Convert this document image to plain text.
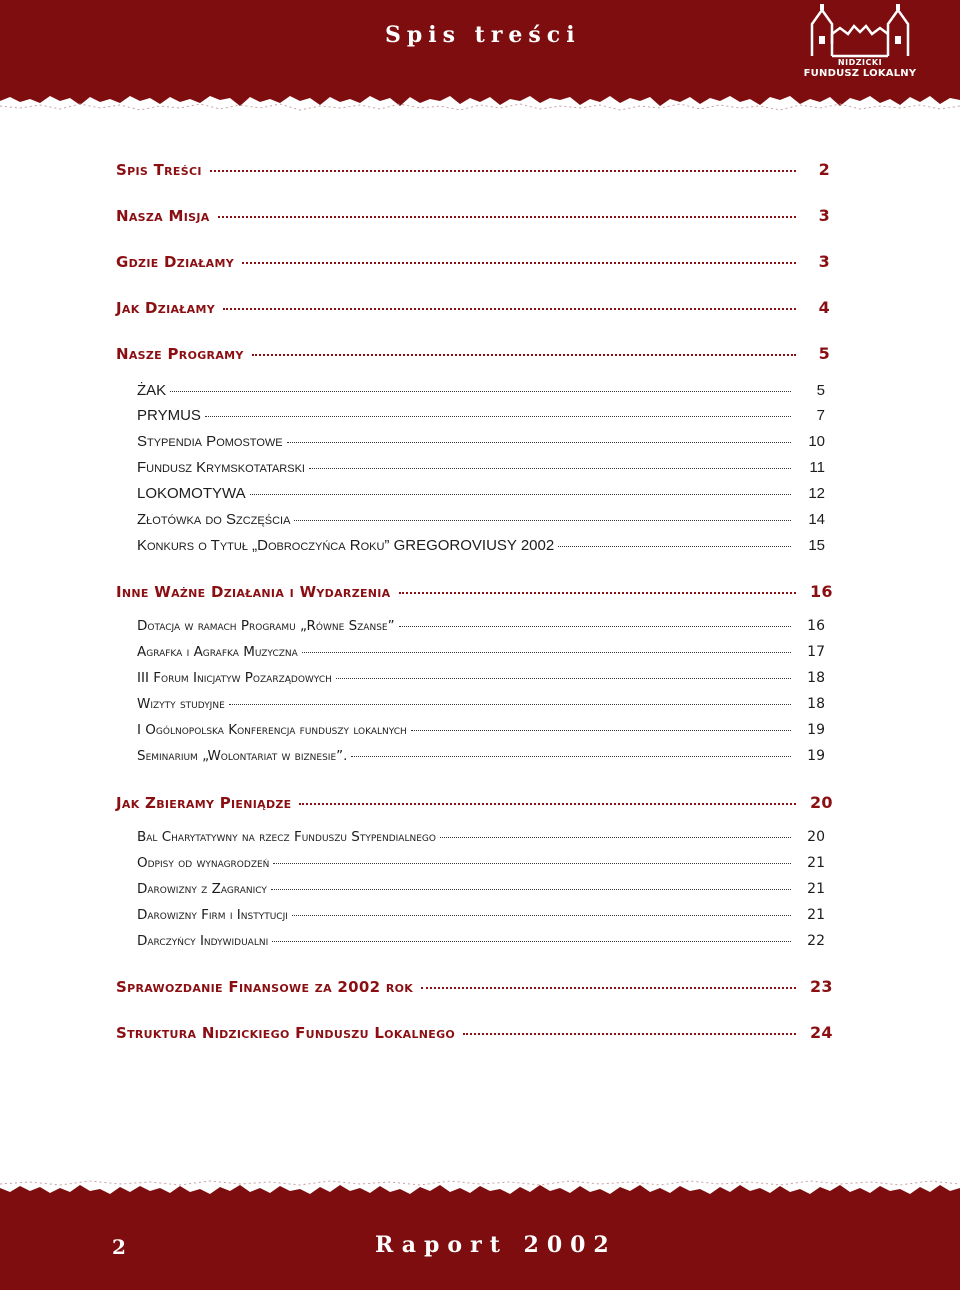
Spis treści
NIDZICKI
FUNDUSZ LOKALNY
Spis Treści	2
Nasza Misja	3
Gdzie Działamy	3
Jak Działamy	4
Nasze Programy	5
ŻAK	5
PRYMUS	7
Stypendia Pomostowe	10
Fundusz Krymskotatarski	11
LOKOMOTYWA	12
Złotówka do Szczęścia	14
Konkurs o Tytuł „Dobroczyńca Roku” GREGOROVIUSY 2002	15
Inne Ważne Działania i Wydarzenia	16
Dotacja w ramach Programu „Równe Szanse”	16
Agrafka i Agrafka Muzyczna	17
III Forum Inicjatyw Pozarządowych	18
Wizyty studyjne	18
I Ogólnopolska Konferencja funduszy lokalnych	19
Seminarium „Wolontariat w biznesie”.	19
Jak Zbieramy Pieniądze	20
Bal Charytatywny na rzecz Funduszu Stypendialnego	20
Odpisy od wynagrodzeń	21
Darowizny z Zagranicy	21
Darowizny Firm i Instytucji	21
Darczyńcy Indywidualni	22
Sprawozdanie Finansowe za 2002 rok	23
Struktura Nidzickiego Funduszu Lokalnego	24
2	Raport 2002
